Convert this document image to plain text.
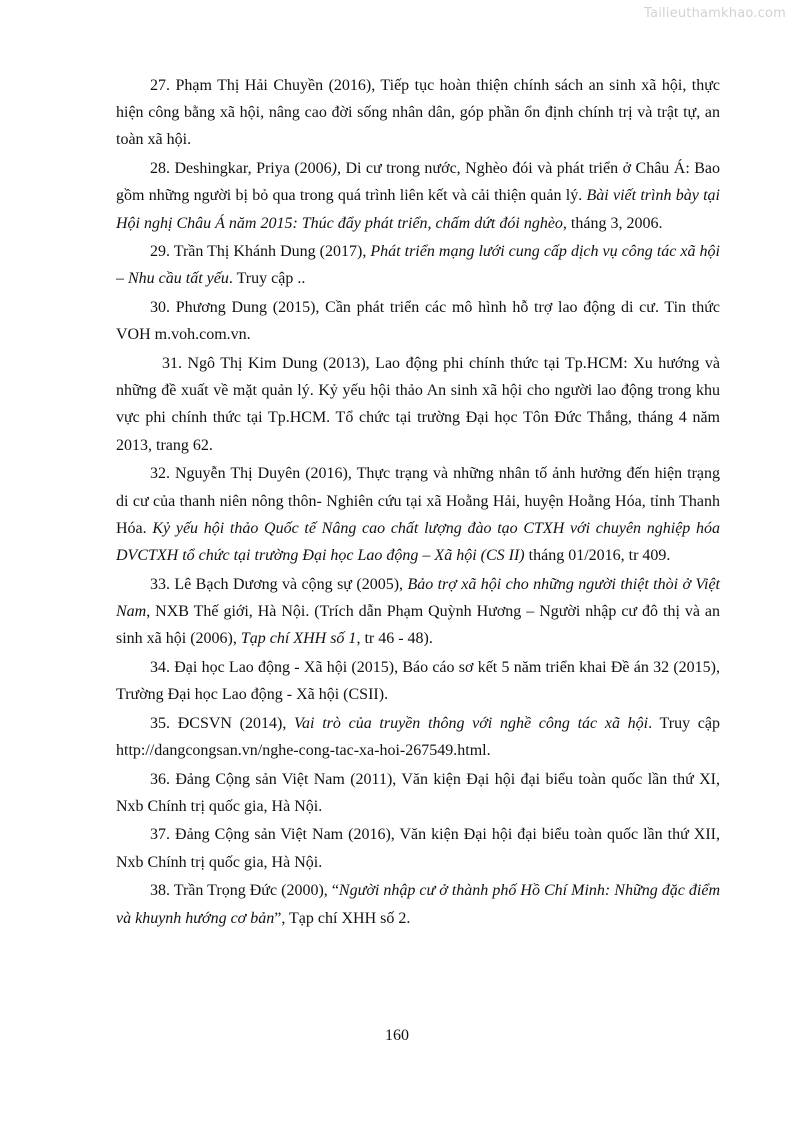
Tailieuthamkhao.com

27. Phạm Thị Hải Chuyền (2016), Tiếp tục hoàn thiện chính sách an sinh xã hội, thực hiện công bằng xã hội, nâng cao đời sống nhân dân, góp phần ổn định chính trị và trật tự, an toàn xã hội.

28. Deshingkar, Priya (2006), Di cư trong nước, Nghèo đói và phát triển ở Châu Á: Bao gồm những người bị bỏ qua trong quá trình liên kết và cải thiện quản lý. Bài viết trình bày tại Hội nghị Châu Á năm 2015: Thúc đẩy phát triển, chấm dứt đói nghèo, tháng 3, 2006.

29. Trần Thị Khánh Dung (2017), Phát triển mạng lưới cung cấp dịch vụ công tác xã hội – Nhu cầu tất yếu. Truy cập ..

30. Phương Dung (2015), Cần phát triển các mô hình hỗ trợ lao động di cư. Tin thức VOH m.voh.com.vn.

31. Ngô Thị Kim Dung (2013), Lao động phi chính thức tại Tp.HCM: Xu hướng và những đề xuất về mặt quản lý. Kỷ yếu hội thảo An sinh xã hội cho người lao động trong khu vực phi chính thức tại Tp.HCM. Tổ chức tại trường Đại học Tôn Đức Thắng, tháng 4 năm 2013, trang 62.

32. Nguyễn Thị Duyên (2016), Thực trạng và những nhân tố ảnh hưởng đến hiện trạng di cư của thanh niên nông thôn- Nghiên cứu tại xã Hoằng Hải, huyện Hoằng Hóa, tỉnh Thanh Hóa. Kỷ yếu hội thảo Quốc tế Nâng cao chất lượng đào tạo CTXH với chuyên nghiệp hóa DVCTXH tổ chức tại trường Đại học Lao động – Xã hội (CS II) tháng 01/2016, tr 409.

33. Lê Bạch Dương và cộng sự (2005), Bảo trợ xã hội cho những người thiệt thòi ở Việt Nam, NXB Thế giới, Hà Nội. (Trích dẫn Phạm Quỳnh Hương – Người nhập cư đô thị và an sinh xã hội (2006), Tạp chí XHH số 1, tr 46 - 48).

34. Đại học Lao động - Xã hội (2015), Báo cáo sơ kết 5 năm triển khai Đề án 32 (2015), Trường Đại học Lao động - Xã hội (CSII).

35. ĐCSVN (2014), Vai trò của truyền thông với nghề công tác xã hội. Truy cập http://dangcongsan.vn/nghe-cong-tac-xa-hoi-267549.html.

36. Đảng Cộng sản Việt Nam (2011), Văn kiện Đại hội đại biểu toàn quốc lần thứ XI, Nxb Chính trị quốc gia, Hà Nội.

37. Đảng Cộng sản Việt Nam (2016), Văn kiện Đại hội đại biểu toàn quốc lần thứ XII, Nxb Chính trị quốc gia, Hà Nội.

38. Trần Trọng Đức (2000), “Người nhập cư ở thành phố Hồ Chí Minh: Những đặc điểm và khuynh hướng cơ bản”, Tạp chí XHH số 2.

160
